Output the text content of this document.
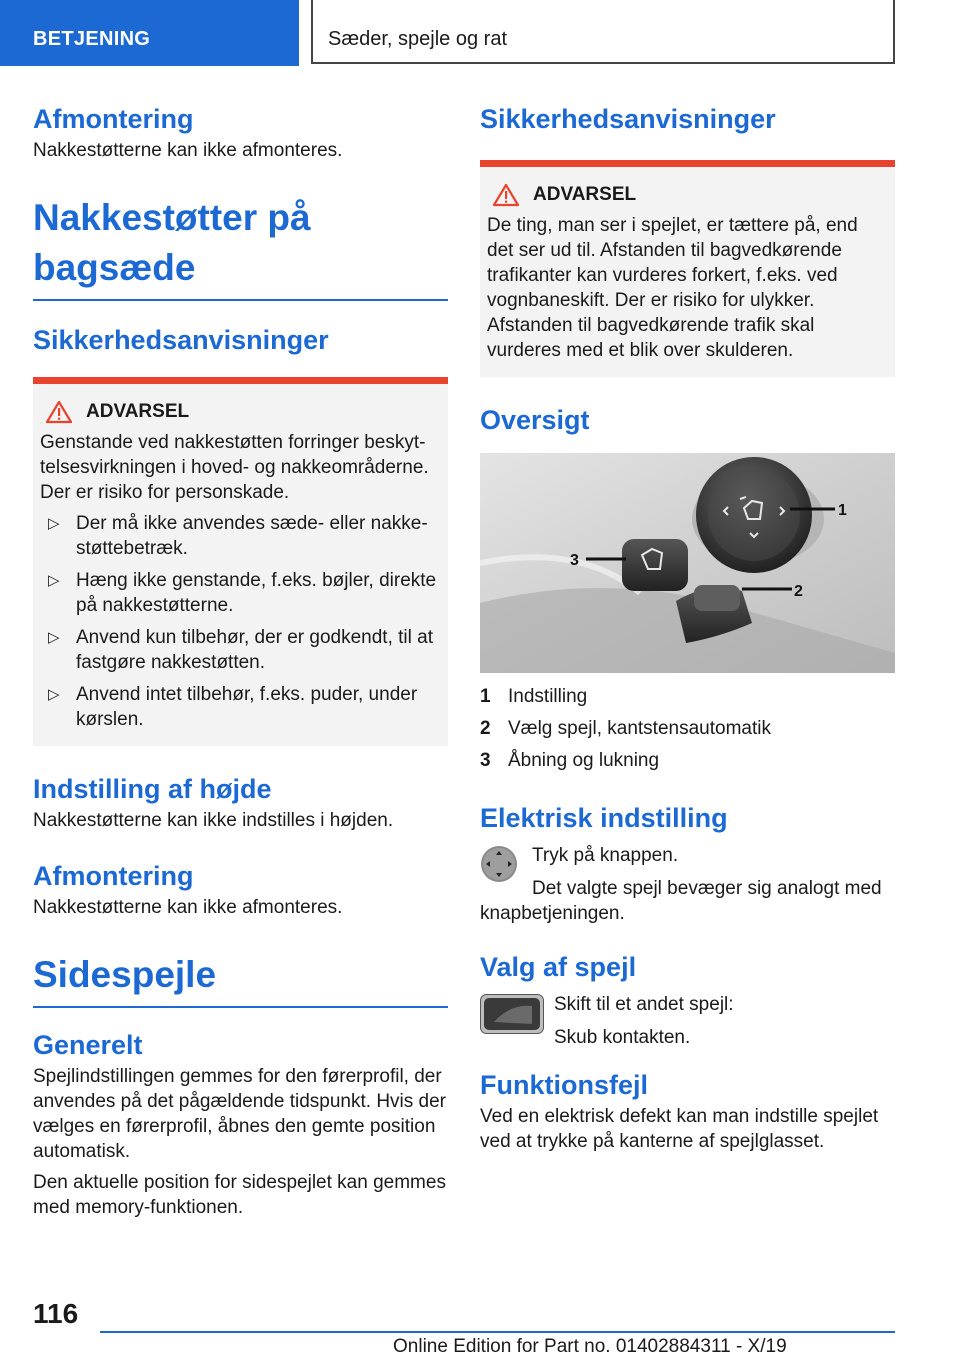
BETJENING	Sæder, spejle og rat
Afmontering

Nakkestøtterne kan ikke afmonteres.

Nakkestøtter på bagsæde
Sikkerhedsanvisninger
ADVARSEL

Genstande ved nakkestøtten forringer beskyttelsesvirkningen i hoved- og nakkeområderne. Der er risiko for personskade.

▷ Der må ikke anvendes sæde- eller nakkestøttebetræk.
▷ Hæng ikke genstande, f.eks. bøjler, direkte på nakkestøtterne.
▷ Anvend kun tilbehør, der er godkendt, til at fastgøre nakkestøtten.
▷ Anvend intet tilbehør, f.eks. puder, under kørslen.
Indstilling af højde

Nakkestøtterne kan ikke indstilles i højden.

Afmontering

Nakkestøtterne kan ikke afmonteres.

Sidespejle
Generelt

Spejlindstillingen gemmes for den førerprofil, der anvendes på det pågældende tidspunkt. Hvis der vælges en førerprofil, åbnes den gemte position automatisk.

Den aktuelle position for sidespejlet kan gemmes med memory-funktionen.

Sikkerhedsanvisninger
ADVARSEL

De ting, man ser i spejlet, er tættere på, end det ser ud til. Afstanden til bagvedkørende trafikanter kan vurderes forkert, f.eks. ved vognbaneskift. Der er risiko for ulykker. Afstanden til bagvedkørende trafik skal vurderes med et blik over skulderen.

Oversigt
1
2
3
1 Indstilling
2 Vælg spejl, kantstensautomatik
3 Åbning og lukning
Elektrisk indstilling

Tryk på knappen.

Det valgte spejl bevæger sig analogt med knapbetjeningen.

Valg af spejl

Skift til et andet spejl:

Skub kontakten.

Funktionsfejl

Ved en elektrisk defekt kan man indstille spejlet ved at trykke på kanterne af spejlglasset.

116
Online Edition for Part no. 01402884311 - X/19
